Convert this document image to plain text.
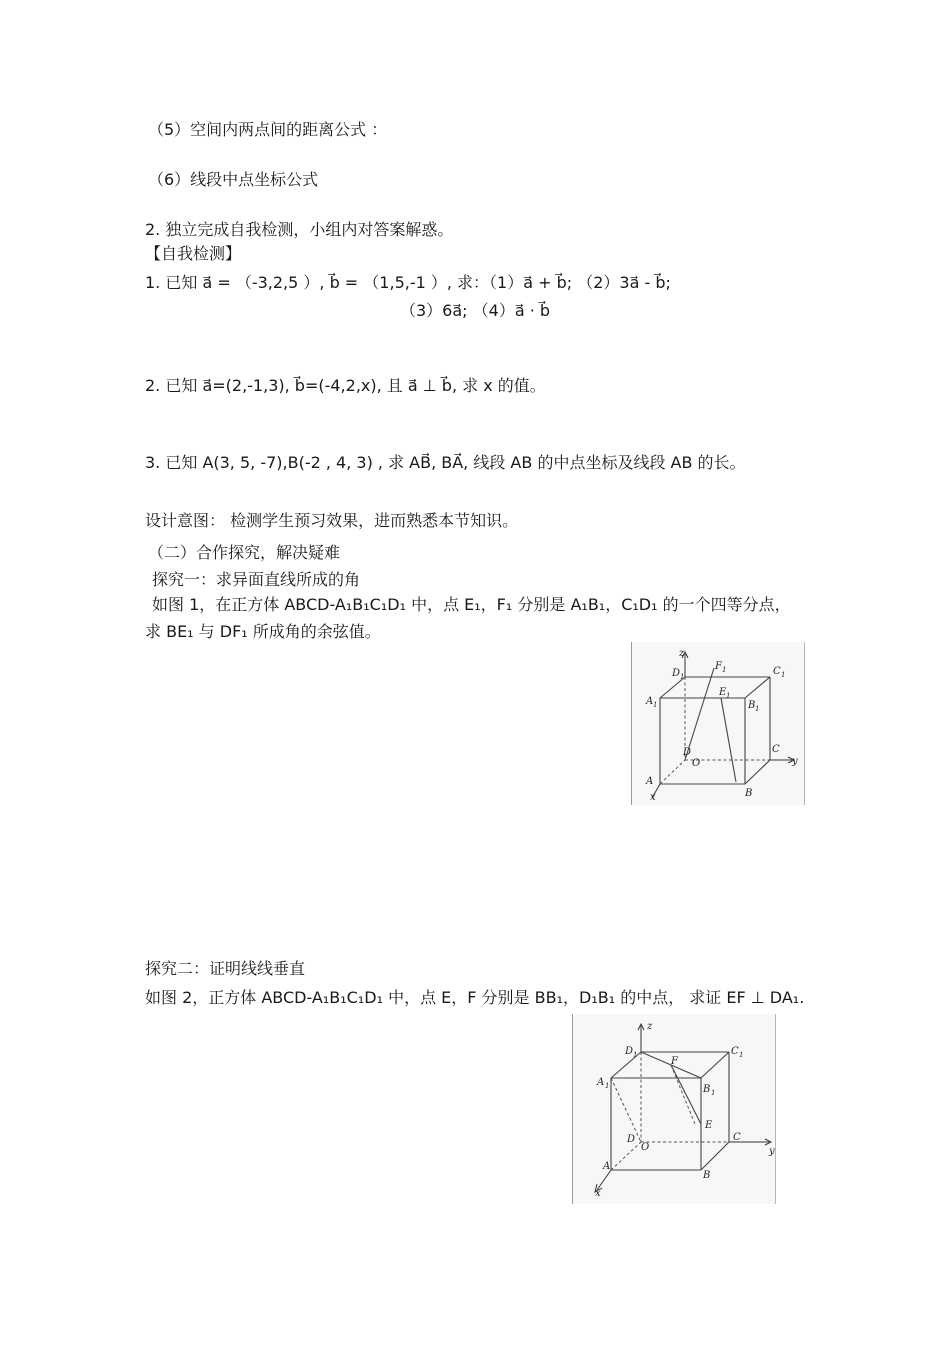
（5）空间内两点间的距离公式 ：
（6）线段中点坐标公式
2. 独立完成自我检测，小组内对答案解惑。
【自我检测】
1. 已知 a⃗ = （-3,2,5 ）, b⃗ = （1,5,-1 ）, 求：（1）a⃗ + b⃗; （2）3a⃗ - b⃗;
（3）6a⃗; （4）a⃗ · b⃗
2. 已知 a⃗=(2,-1,3), b⃗=(-4,2,x), 且 a⃗ ⊥ b⃗, 求 x 的值。
3. 已知 A(3, 5, -7),B(-2 , 4, 3) , 求 AB⃗, BA⃗, 线段 AB 的中点坐标及线段 AB 的长。
设计意图： 检测学生预习效果，进而熟悉本节知识。
（二）合作探究，解决疑难
探究一：求异面直线所成的角
如图 1，在正方体 ABCD-A₁B₁C₁D₁ 中，点 E₁，F₁ 分别是 A₁B₁，C₁D₁ 的一个四等分点，
求 BE₁ 与 DF₁ 所成角的余弦值。
z
D 1
F 1	C 1
A 1
E 1
B 1
D
O
C
y
A
x	B
探究二：证明线线垂直
如图 2，正方体 ABCD-A₁B₁C₁D₁ 中，点 E，F 分别是 BB₁，D₁B₁ 的中点， 求证 EF ⊥ DA₁.
z
D 1
F
C 1
A 1	B 1
E
D
O
C
y
A
x
B
